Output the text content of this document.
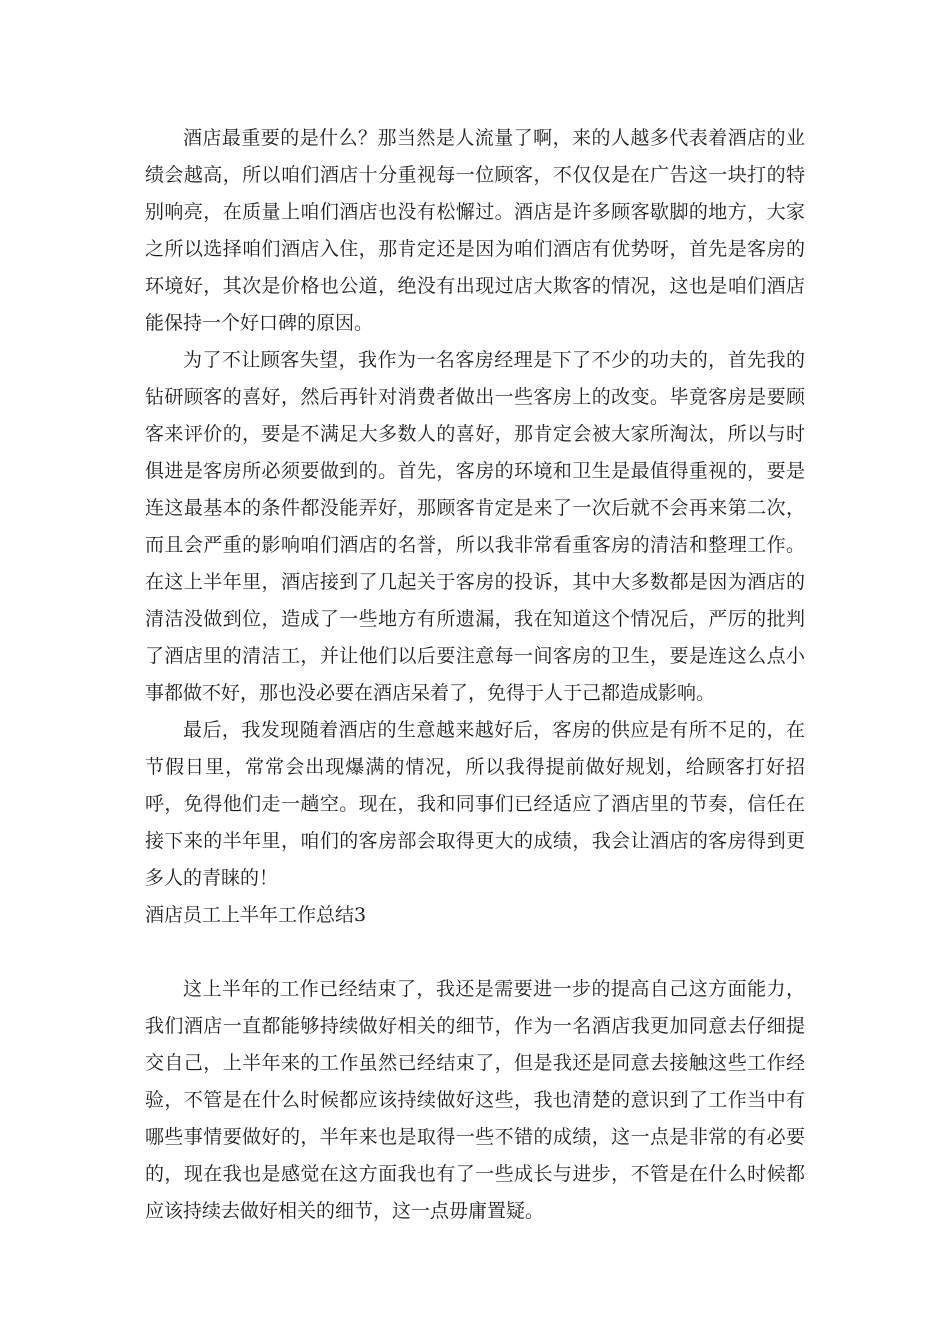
酒店最重要的是什么？那当然是人流量了啊，来的人越多代表着酒店的业绩会越高，所以咱们酒店十分重视每一位顾客，不仅仅是在广告这一块打的特别响亮，在质量上咱们酒店也没有松懈过。酒店是许多顾客歇脚的地方，大家之所以选择咱们酒店入住，那肯定还是因为咱们酒店有优势呀，首先是客房的环境好，其次是价格也公道，绝没有出现过店大欺客的情况，这也是咱们酒店能保持一个好口碑的原因。

为了不让顾客失望，我作为一名客房经理是下了不少的功夫的，首先我的钻研顾客的喜好，然后再针对消费者做出一些客房上的改变。毕竟客房是要顾客来评价的，要是不满足大多数人的喜好，那肯定会被大家所淘汰，所以与时俱进是客房所必须要做到的。首先，客房的环境和卫生是最值得重视的，要是连这最基本的条件都没能弄好，那顾客肯定是来了一次后就不会再来第二次，而且会严重的影响咱们酒店的名誉，所以我非常看重客房的清洁和整理工作。在这上半年里，酒店接到了几起关于客房的投诉，其中大多数都是因为酒店的清洁没做到位，造成了一些地方有所遗漏，我在知道这个情况后，严厉的批判了酒店里的清洁工，并让他们以后要注意每一间客房的卫生，要是连这么点小事都做不好，那也没必要在酒店呆着了，免得于人于己都造成影响。

最后，我发现随着酒店的生意越来越好后，客房的供应是有所不足的，在节假日里，常常会出现爆满的情况，所以我得提前做好规划，给顾客打好招呼，免得他们走一趟空。现在，我和同事们已经适应了酒店里的节奏，信任在接下来的半年里，咱们的客房部会取得更大的成绩，我会让酒店的客房得到更多人的青睐的！

酒店员工上半年工作总结3

这上半年的工作已经结束了，我还是需要进一步的提高自己这方面能力，我们酒店一直都能够持续做好相关的细节，作为一名酒店我更加同意去仔细提交自己，上半年来的工作虽然已经结束了，但是我还是同意去接触这些工作经验，不管是在什么时候都应该持续做好这些，我也清楚的意识到了工作当中有哪些事情要做好的，半年来也是取得一些不错的成绩，这一点是非常的有必要的，现在我也是感觉在这方面我也有了一些成长与进步，不管是在什么时候都应该持续去做好相关的细节，这一点毋庸置疑。
